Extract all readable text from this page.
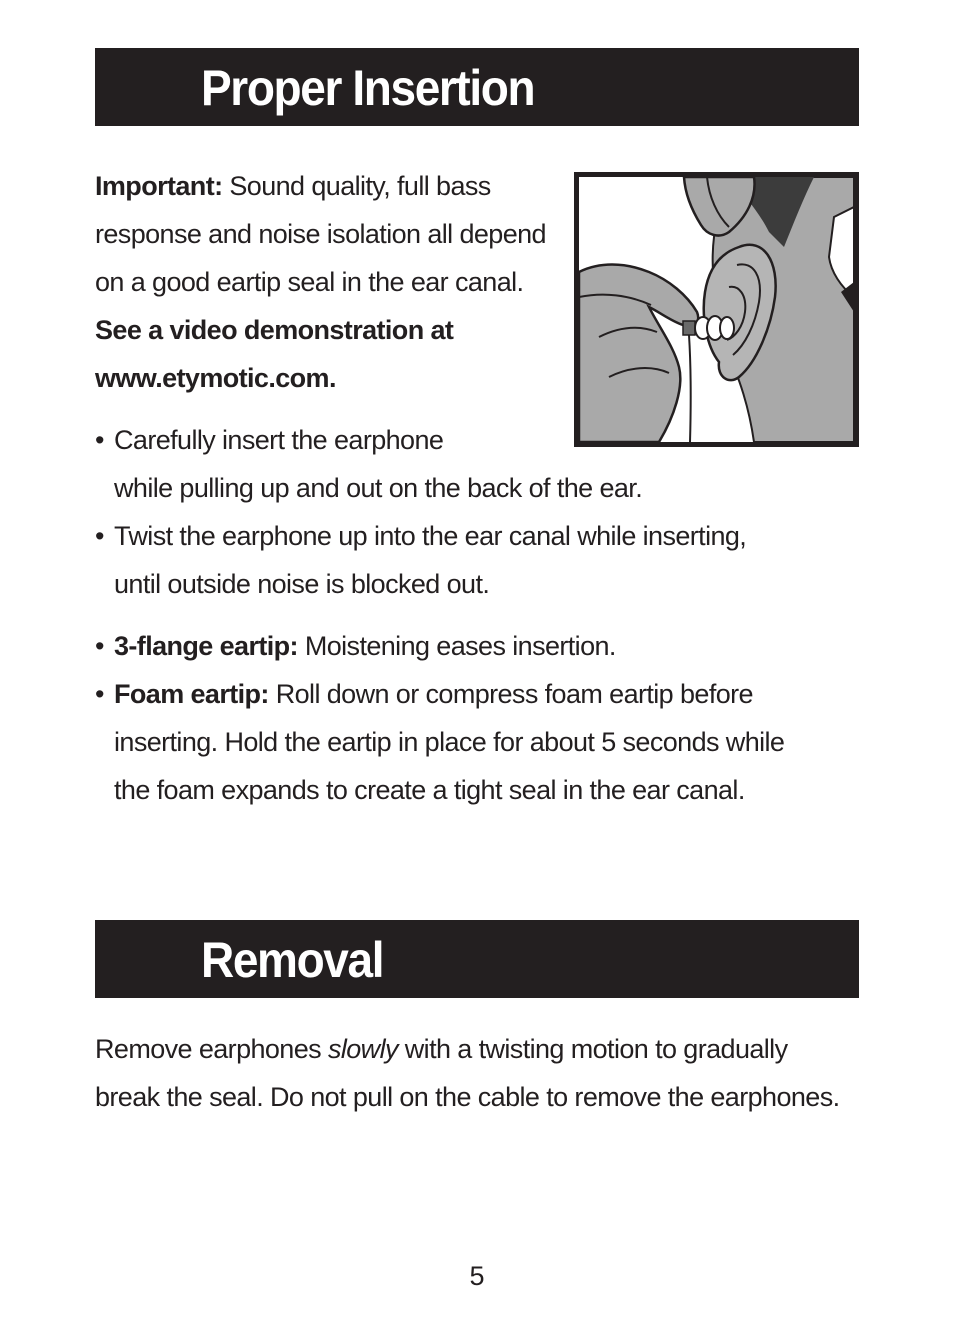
Proper Insertion

Important: Sound quality, full bass
response and noise isolation all depend
on a good eartip seal in the ear canal.
See a video demonstration at
www.etymotic.com.

• Carefully insert the earphone
while pulling up and out on the back of the ear.
• Twist the earphone up into the ear canal while inserting,
until outside noise is blocked out.
• 3-flange eartip: Moistening eases insertion.
• Foam eartip: Roll down or compress foam eartip before
inserting. Hold the eartip in place for about 5 seconds while
the foam expands to create a tight seal in the ear canal.
Removal

Remove earphones slowly with a twisting motion to gradually
break the seal. Do not pull on the cable to remove the earphones.

5
